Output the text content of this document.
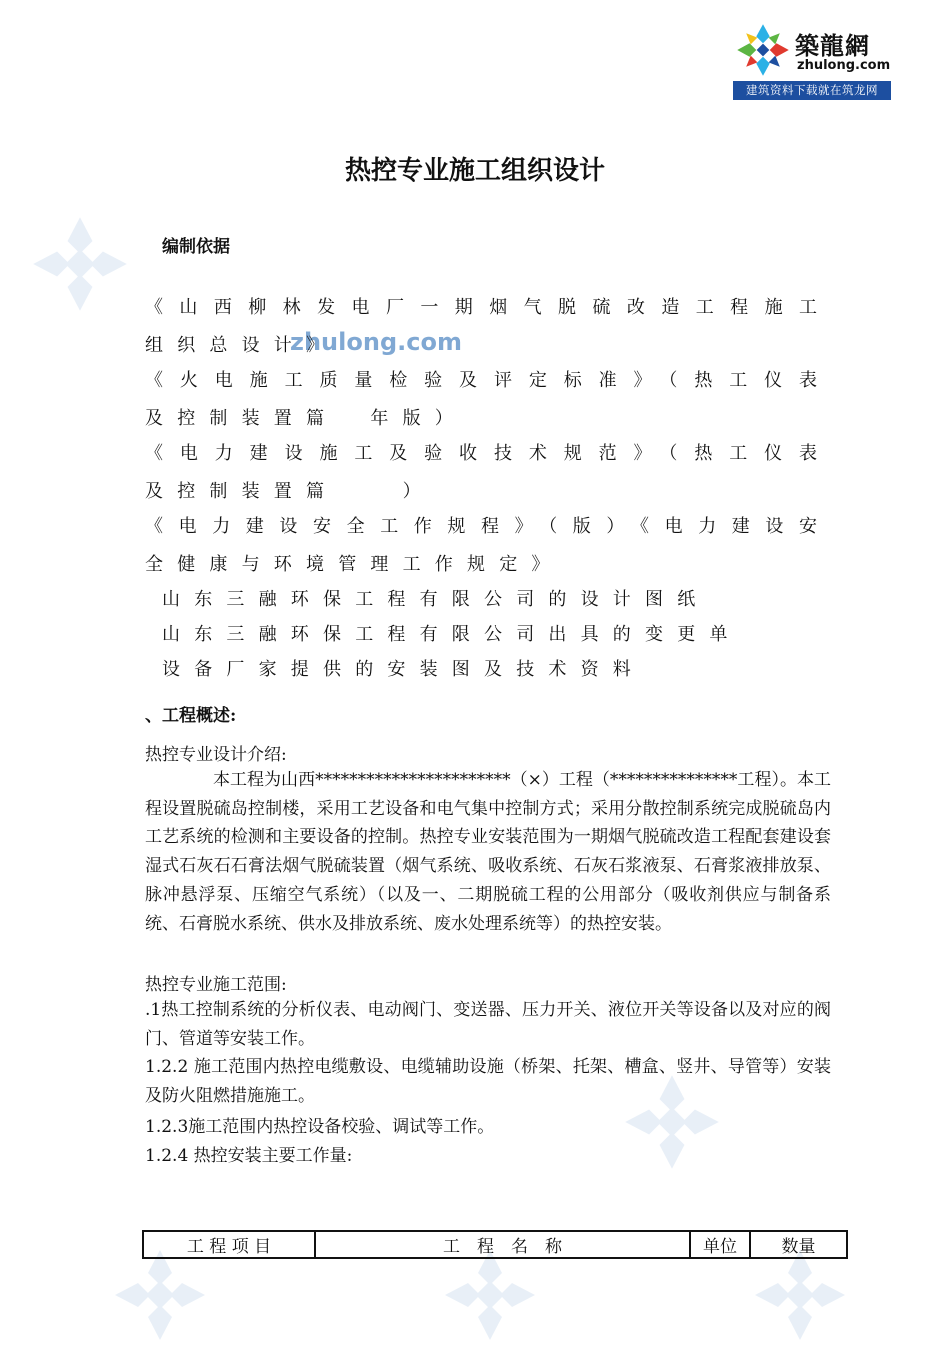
zhulong.com
築龍網
zhulong.com
建筑资料下载就在筑龙网
热控专业施工组织设计
编制依据
《山西柳林发电厂一期烟气脱硫改造工程施工
组织总设计》
《火电施工质量检验及评定标准》（热工仪表
及控制装置篇　年版）
《电力建设施工及验收技术规范》（热工仪表
及控制装置篇　　）
《电力建设安全工作规程》（版）《电力建设安
全健康与环境管理工作规定》
山东三融环保工程有限公司的设计图纸
山东三融环保工程有限公司出具的变更单
设备厂家提供的安装图及技术资料
、工程概述:
热控专业设计介绍:
本工程为山西***********************（×）工程（***************工程）。本工程设置脱硫岛控制楼，采用工艺设备和电气集中控制方式；采用分散控制系统完成脱硫岛内工艺系统的检测和主要设备的控制。热控专业安装范围为一期烟气脱硫改造工程配套建设套湿式石灰石石膏法烟气脱硫装置（烟气系统、吸收系统、石灰石浆液泵、石膏浆液排放泵、脉冲悬浮泵、压缩空气系统）（以及一、二期脱硫工程的公用部分（吸收剂供应与制备系统、石膏脱水系统、供水及排放系统、废水处理系统等）的热控安装。
热控专业施工范围:
.1热工控制系统的分析仪表、电动阀门、变送器、压力开关、液位开关等设备以及对应的阀门、管道等安装工作。
1.2.2 施工范围内热控电缆敷设、电缆辅助设施（桥架、托架、槽盒、竖井、导管等）安装及防火阻燃措施施工。
1.2.3施工范围内热控设备校验、调试等工作。
1.2.4 热控安装主要工作量:
工 程 项 目	工　程　名　称	单位	数量
